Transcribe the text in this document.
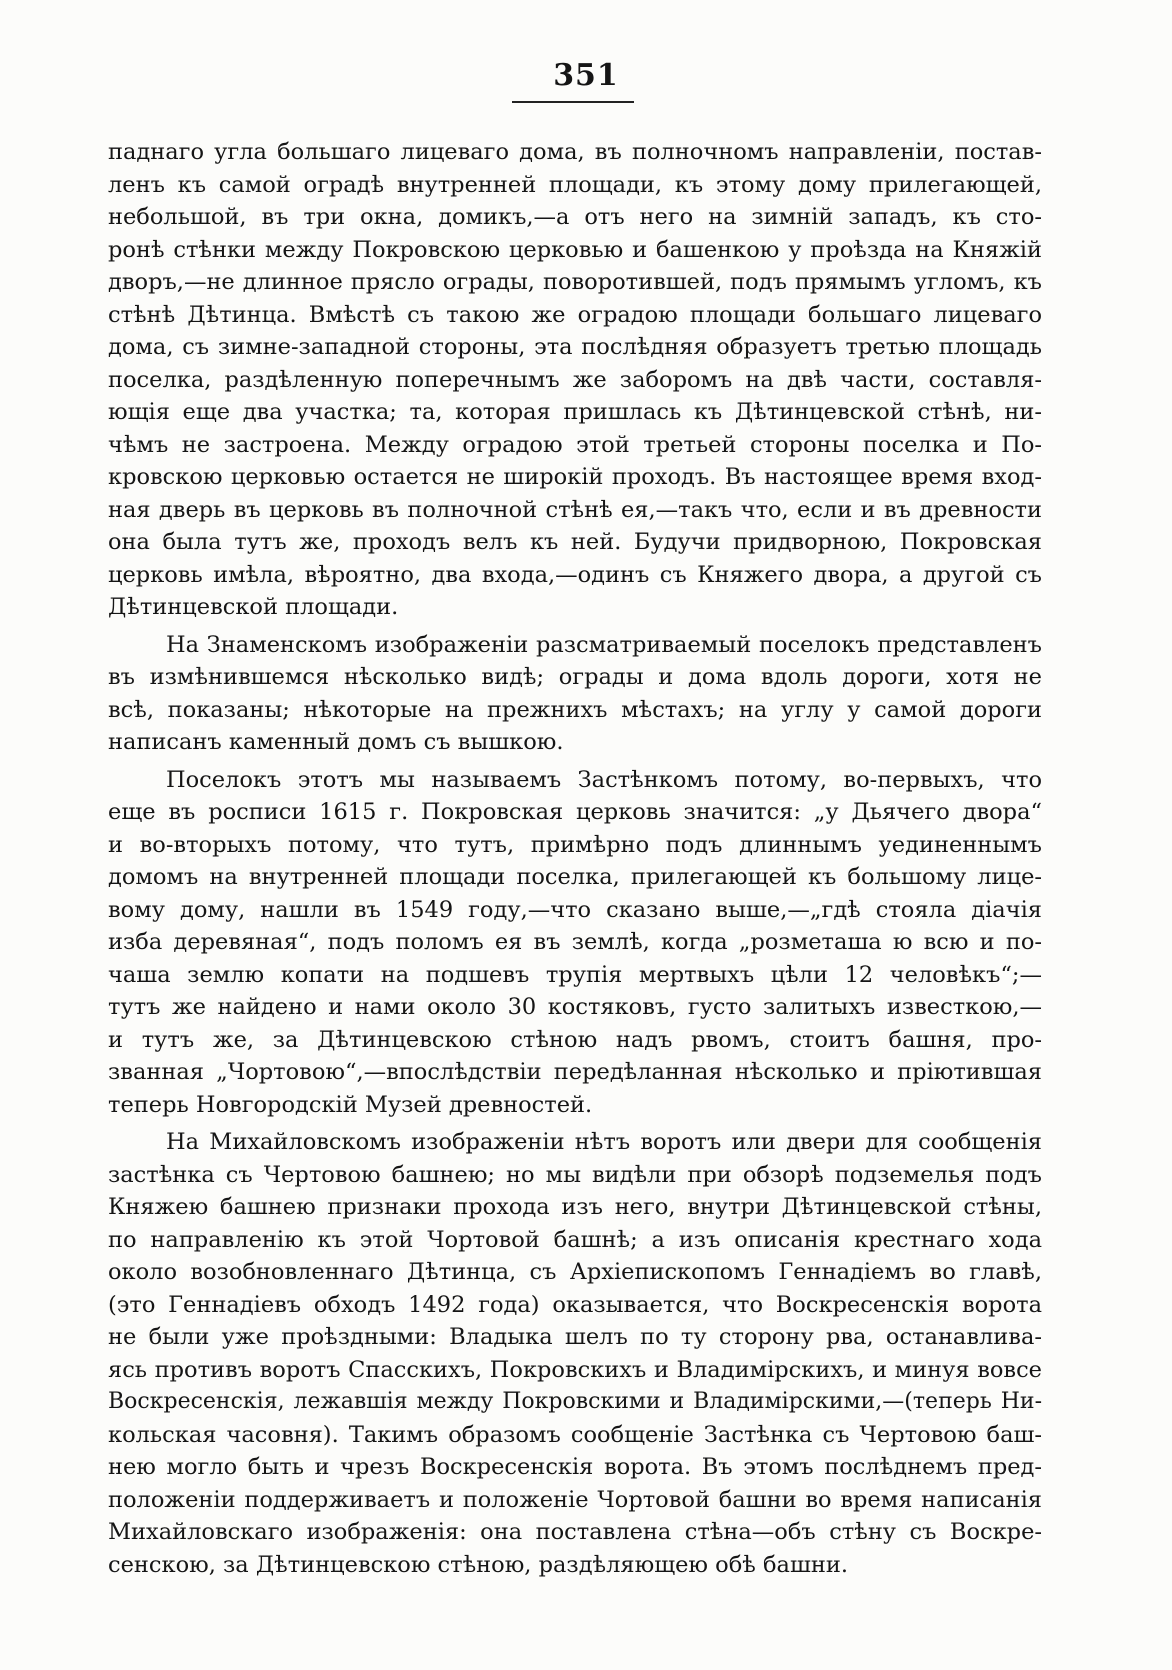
351
паднаго угла большаго лицеваго дома, въ полночномъ направленіи, постав-
ленъ къ самой оградѣ внутренней площади, къ этому дому прилегающей,
небольшой, въ три окна, домикъ,—а отъ него на зимній западъ, къ сто-
ронѣ стѣнки между Покровскою церковью и башенкою у проѣзда на Княжій
дворъ,—не длинное прясло ограды, поворотившей, подъ прямымъ угломъ, къ
стѣнѣ Дѣтинца. Вмѣстѣ съ такою же оградою площади большаго лицеваго
дома, съ зимне-западной стороны, эта послѣдняя образуетъ третью площадь
поселка, раздѣленную поперечнымъ же заборомъ на двѣ части, составля-
ющія еще два участка; та, которая пришлась къ Дѣтинцевской стѣнѣ, ни-
чѣмъ не застроена. Между оградою этой третьей стороны поселка и По-
кровскою церковью остается не широкій проходъ. Въ настоящее время вход-
ная дверь въ церковь въ полночной стѣнѣ ея,—такъ что, если и въ древности
она была тутъ же, проходъ велъ къ ней. Будучи придворною, Покровская
церковь имѣла, вѣроятно, два входа,—одинъ съ Княжего двора, а другой съ
Дѣтинцевской площади.
На Знаменскомъ изображеніи разсматриваемый поселокъ представленъ
въ измѣнившемся нѣсколько видѣ; ограды и дома вдоль дороги, хотя не
всѣ, показаны; нѣкоторые на прежнихъ мѣстахъ; на углу у самой дороги
написанъ каменный домъ съ вышкою.
Поселокъ этотъ мы называемъ Застѣнкомъ потому, во-первыхъ, что
еще въ росписи 1615 г. Покровская церковь значится: „у Дьячего двора“
и во-вторыхъ потому, что тутъ, примѣрно подъ длиннымъ уединеннымъ
домомъ на внутренней площади поселка, прилегающей къ большому лице-
вому дому, нашли въ 1549 году,—что сказано выше,—„гдѣ стояла діачія
изба деревяная“, подъ поломъ ея въ землѣ, когда „розметаша ю всю и по-
чаша землю копати на подшевъ трупія мертвыхъ цѣли 12 человѣкъ“;—
тутъ же найдено и нами около 30 костяковъ, густо залитыхъ известкою,—
и тутъ же, за Дѣтинцевскою стѣною надъ рвомъ, стоитъ башня, про-
званная „Чортовою“,—впослѣдствіи передѣланная нѣсколько и пріютившая
теперь Новгородскій Музей древностей.
На Михайловскомъ изображеніи нѣтъ воротъ или двери для сообщенія
застѣнка съ Чертовою башнею; но мы видѣли при обзорѣ подземелья подъ
Княжею башнею признаки прохода изъ него, внутри Дѣтинцевской стѣны,
по направленію къ этой Чортовой башнѣ; а изъ описанія крестнаго хода
около возобновленнаго Дѣтинца, съ Архіепископомъ Геннадіемъ во главѣ,
(это Геннадіевъ обходъ 1492 года) оказывается, что Воскресенскія ворота
не были уже проѣздными: Владыка шелъ по ту сторону рва, останавлива-
ясь противъ воротъ Спасскихъ, Покровскихъ и Владимірскихъ, и минуя вовсе
Воскресенскія, лежавшія между Покровскими и Владимірскими,—(теперь Ни-
кольская часовня). Такимъ образомъ сообщеніе Застѣнка съ Чертовою баш-
нею могло быть и чрезъ Воскресенскія ворота. Въ этомъ послѣднемъ пред-
положеніи поддерживаетъ и положеніе Чортовой башни во время написанія
Михайловскаго изображенія: она поставлена стѣна—объ стѣну съ Воскре-
сенскою, за Дѣтинцевскою стѣною, раздѣляющею обѣ башни.
